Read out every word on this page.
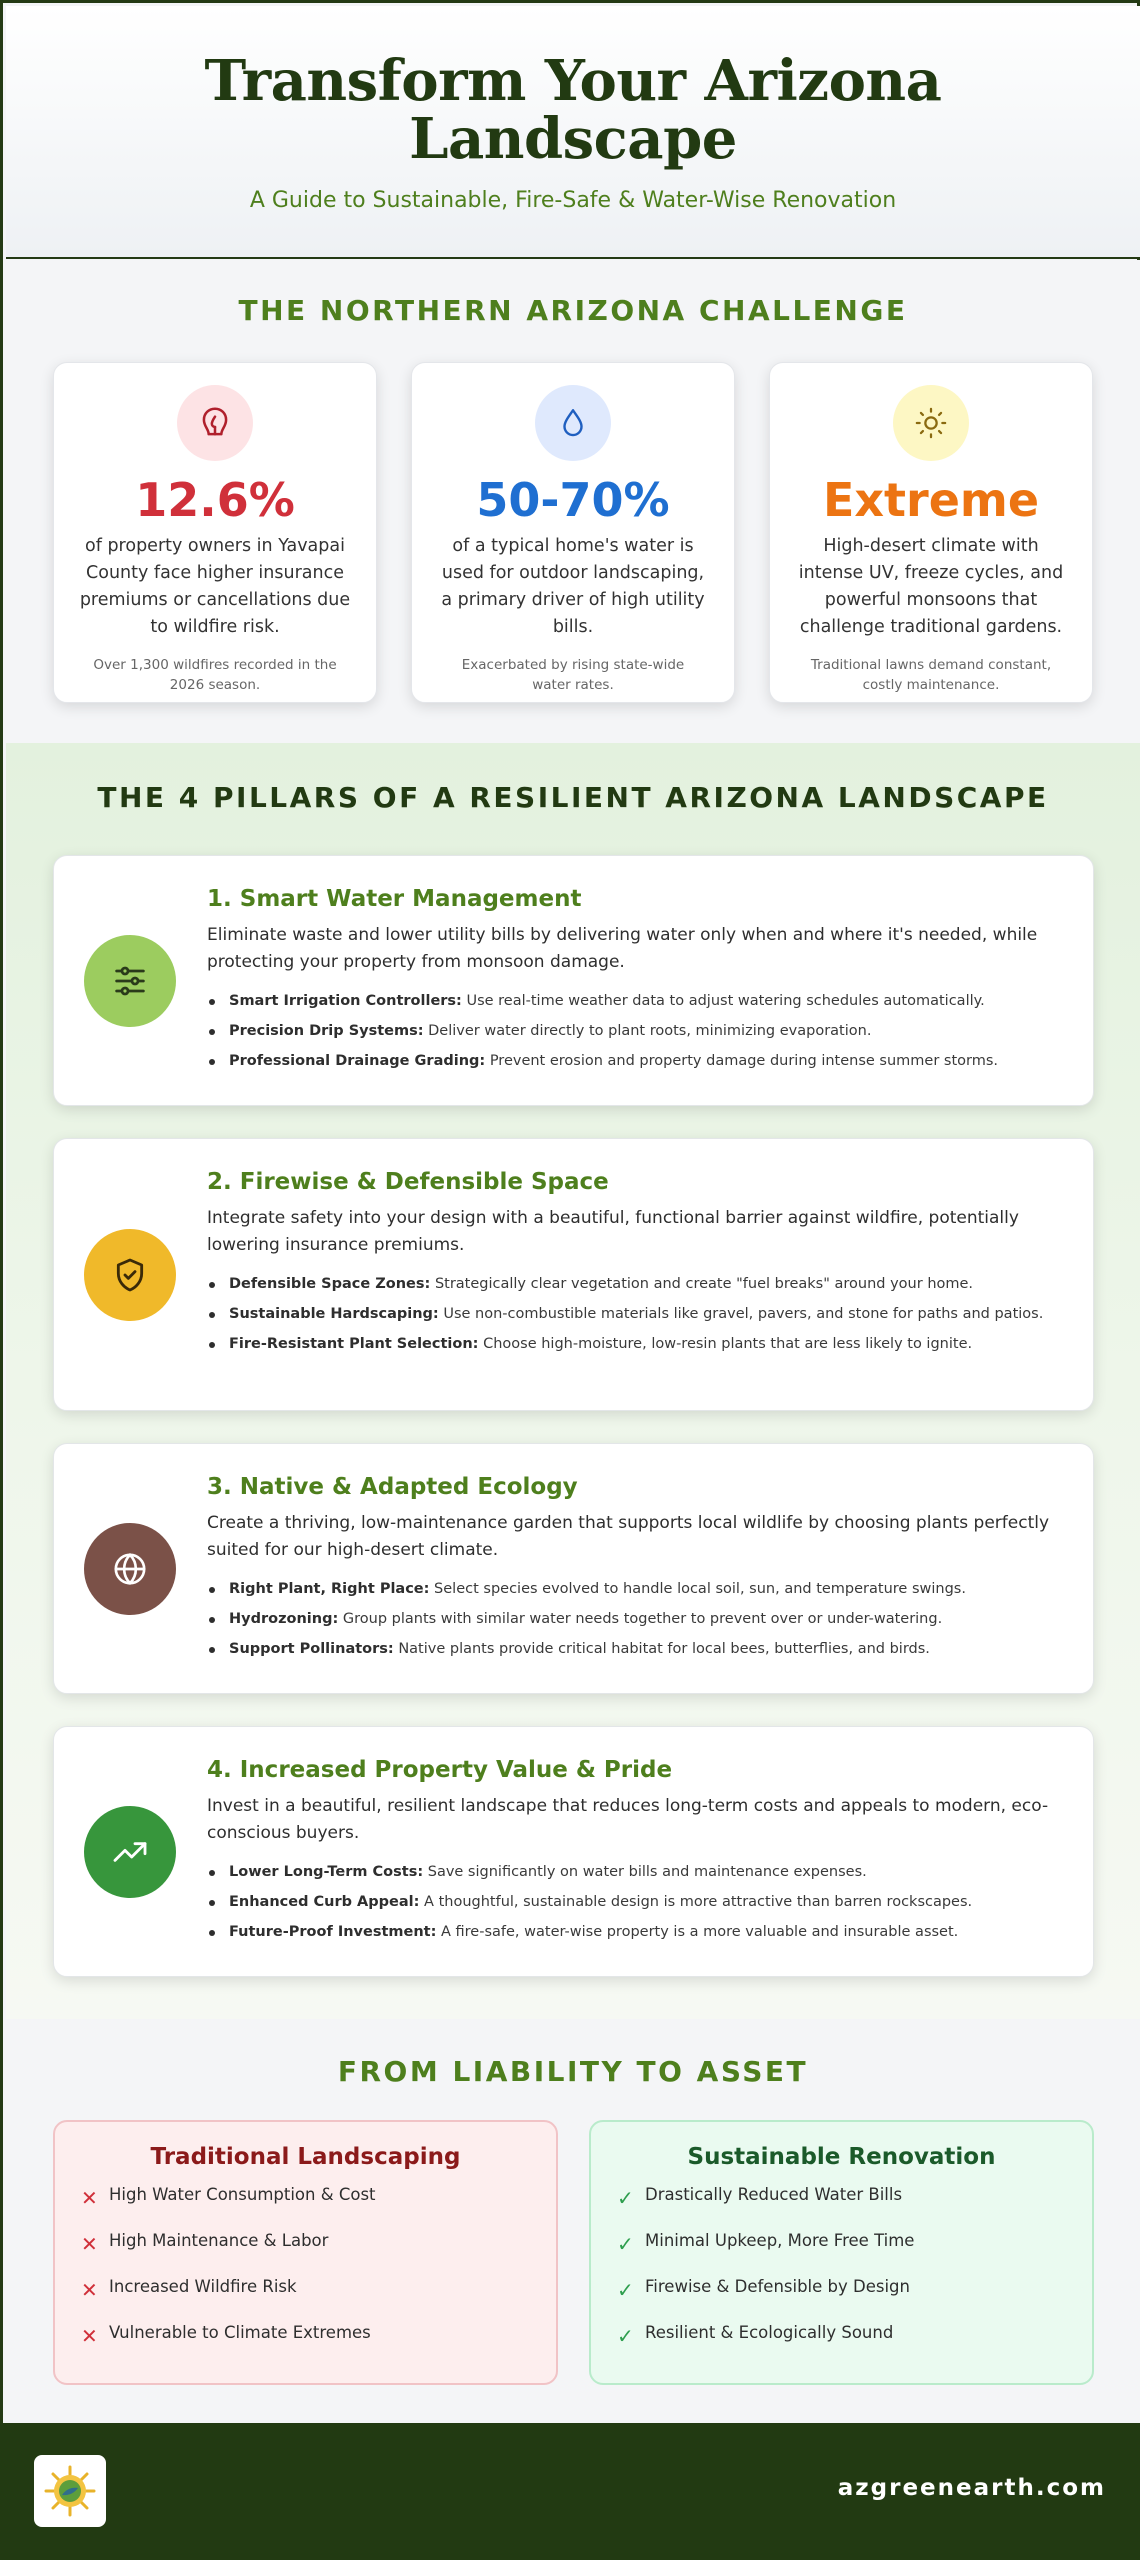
Transform Your Arizona Landscape
A Guide to Sustainable, Fire-Safe & Water-Wise Renovation
THE NORTHERN ARIZONA CHALLENGE
12.6%
of property owners in Yavapai County face higher insurance premiums or cancellations due to wildfire risk.
Over 1,300 wildfires recorded in the 2026 season.
50-70%
of a typical home's water is used for outdoor landscaping, a primary driver of high utility bills.
Exacerbated by rising state-wide water rates.
Extreme
High-desert climate with intense UV, freeze cycles, and powerful monsoons that challenge traditional gardens.
Traditional lawns demand constant, costly maintenance.
THE 4 PILLARS OF A RESILIENT ARIZONA LANDSCAPE
1. Smart Water Management
Eliminate waste and lower utility bills by delivering water only when and where it's needed, while protecting your property from monsoon damage.
Smart Irrigation Controllers: Use real-time weather data to adjust watering schedules automatically.
Precision Drip Systems: Deliver water directly to plant roots, minimizing evaporation.
Professional Drainage Grading: Prevent erosion and property damage during intense summer storms.
2. Firewise & Defensible Space
Integrate safety into your design with a beautiful, functional barrier against wildfire, potentially lowering insurance premiums.
Defensible Space Zones: Strategically clear vegetation and create "fuel breaks" around your home.
Sustainable Hardscaping: Use non-combustible materials like gravel, pavers, and stone for paths and patios.
Fire-Resistant Plant Selection: Choose high-moisture, low-resin plants that are less likely to ignite.
3. Native & Adapted Ecology
Create a thriving, low-maintenance garden that supports local wildlife by choosing plants perfectly suited for our high-desert climate.
Right Plant, Right Place: Select species evolved to handle local soil, sun, and temperature swings.
Hydrozoning: Group plants with similar water needs together to prevent over or under-watering.
Support Pollinators: Native plants provide critical habitat for local bees, butterflies, and birds.
4. Increased Property Value & Pride
Invest in a beautiful, resilient landscape that reduces long-term costs and appeals to modern, eco-conscious buyers.
Lower Long-Term Costs: Save significantly on water bills and maintenance expenses.
Enhanced Curb Appeal: A thoughtful, sustainable design is more attractive than barren rockscapes.
Future-Proof Investment: A fire-safe, water-wise property is a more valuable and insurable asset.
FROM LIABILITY TO ASSET
Traditional Landscaping
✕ High Water Consumption & Cost
✕ High Maintenance & Labor
✕ Increased Wildfire Risk
✕ Vulnerable to Climate Extremes
Sustainable Renovation
✓ Drastically Reduced Water Bills
✓ Minimal Upkeep, More Free Time
✓ Firewise & Defensible by Design
✓ Resilient & Ecologically Sound
azgreenearth.com
